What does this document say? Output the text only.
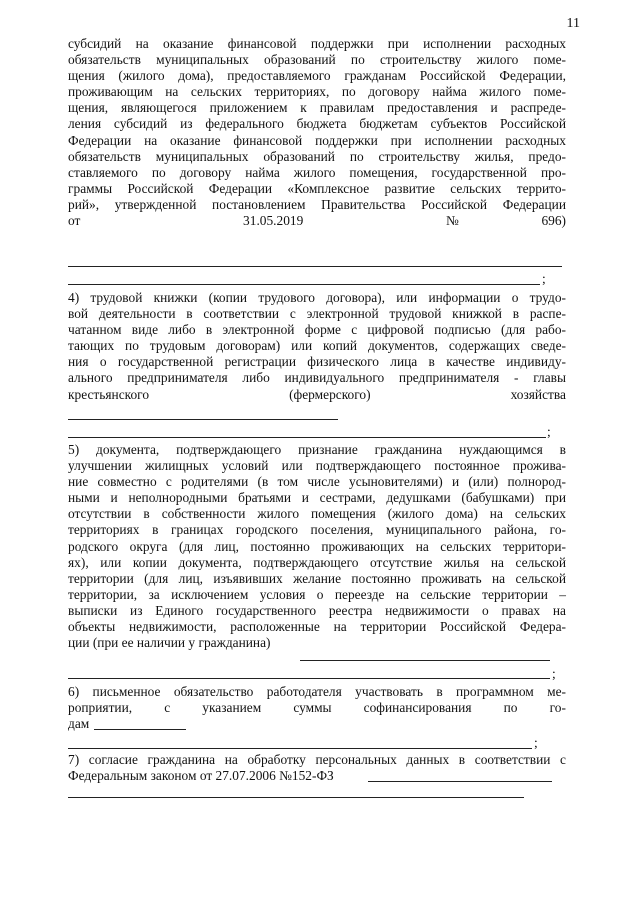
11
субсидий на оказание финансовой поддержки при исполнении расходных
обязательств муниципальных образований по строительству жилого поме-
щения (жилого дома), предоставляемого гражданам Российской Федерации,
проживающим на сельских территориях, по договору найма жилого поме-
щения, являющегося приложением к правилам предоставления и распреде-
ления субсидий из федерального бюджета бюджетам субъектов Российской
Федерации на оказание финансовой поддержки при исполнении расходных
обязательств муниципальных образований по строительству жилья, предо-
ставляемого по договору найма жилого помещения, государственной про-
граммы Российской Федерации «Комплексное развитие сельских террито-
рий», утвержденной постановлением Правительства Российской Федерации
от	31.05.2019	№	696)
;
4) трудовой книжки (копии трудового договора), или информации о трудо-
вой деятельности в соответствии с электронной трудовой книжкой в распе-
чатанном виде либо в электронной форме с цифровой подписью (для рабо-
тающих по трудовым договорам) или копий документов, содержащих сведе-
ния о государственной регистрации физического лица в качестве индивиду-
ального предпринимателя либо индивидуального предпринимателя - главы
крестьянского	(фермерского)	хозяйства
;
5) документа, подтверждающего признание гражданина нуждающимся в
улучшении жилищных условий или подтверждающего постоянное прожива-
ние совместно с родителями (в том числе усыновителями) и (или) полнород-
ными и неполнородными братьями и сестрами, дедушками (бабушками) при
отсутствии в собственности жилого помещения (жилого дома) на сельских
территориях в границах городского поселения, муниципального района, го-
родского округа (для лиц, постоянно проживающих на сельских территори-
ях), или копии документа, подтверждающего отсутствие жилья на сельской
территории (для лиц, изъявивших желание постоянно проживать на сельской
территории, за исключением условия о переезде на сельские территории –
выписки из Единого государственного реестра недвижимости о правах на
объекты недвижимости, расположенные на территории Российской Федера-
ции (при ее наличии у гражданина)
;
6) письменное обязательство работодателя участвовать в программном ме-
роприятии, с указанием суммы софинансирования по го-
дам
;
7) согласие гражданина на обработку персональных данных в соответствии с
Федеральным законом от 27.07.2006 №152-ФЗ
